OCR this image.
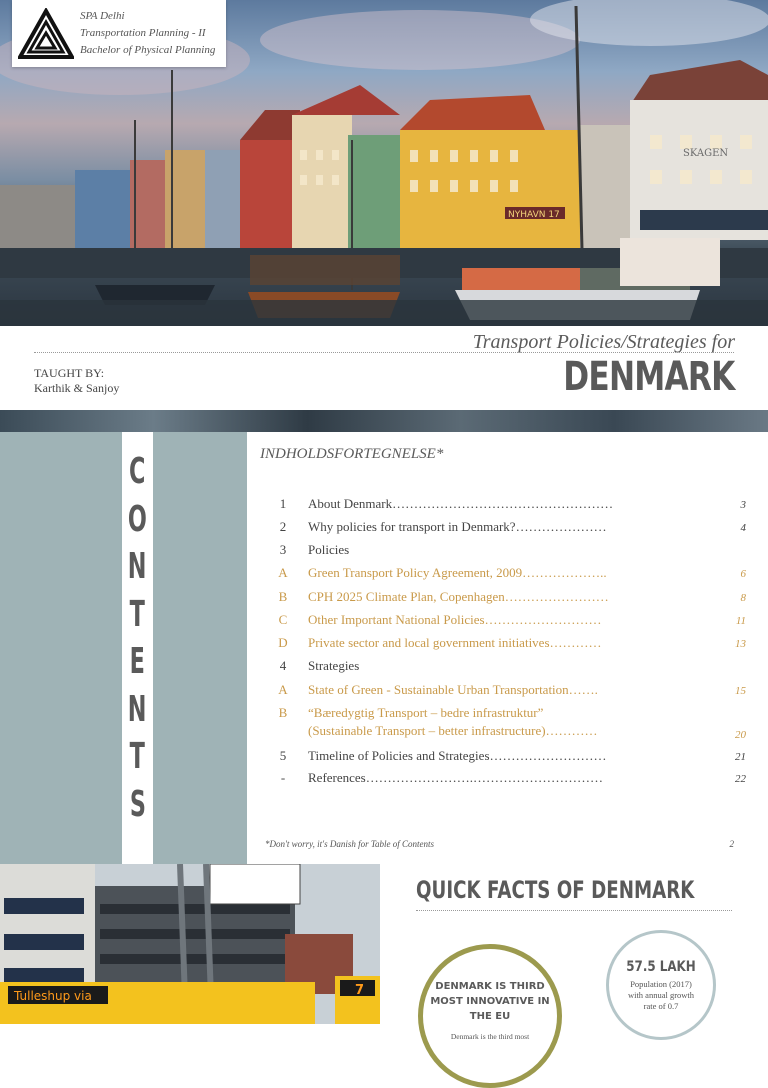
NYHAVN 17
SKAGEN
SPA Delhi
Transportation Planning - II
Bachelor of Physical Planning
Transport Policies/Strategies for
DENMARK
TAUGHT BY:
Karthik & Sanjoy
C
O
N
T
E
N
T
S
INDHOLDSFORTEGNELSE*
1	About Denmark……………………………………………	3
2	Why policies for transport in Denmark?…………………	4
3	Policies
A	Green Transport Policy Agreement, 2009………………..	6
B	CPH 2025 Climate Plan, Copenhagen……………………	8
C	Other Important National Policies………………………	11
D	Private sector and local government initiatives…………	13
4	Strategies
A	State of Green - Sustainable Urban Transportation…….	15
B	“Bæredygtig Transport – bedre infrastruktur”
(Sustainable Transport – better infrastructure)…………	20
5	Timeline of Policies and Strategies………………………	21
-	References…………………….…………………………	22
*Don't worry, it's Danish for Table of Contents	2
Tulleshup via	7
QUICK FACTS OF DENMARK
DENMARK IS THIRD MOST INNOVATIVE IN THE EU
Denmark is the third most
57.5 LAKH
Population (2017) with annual growth rate of 0.7
